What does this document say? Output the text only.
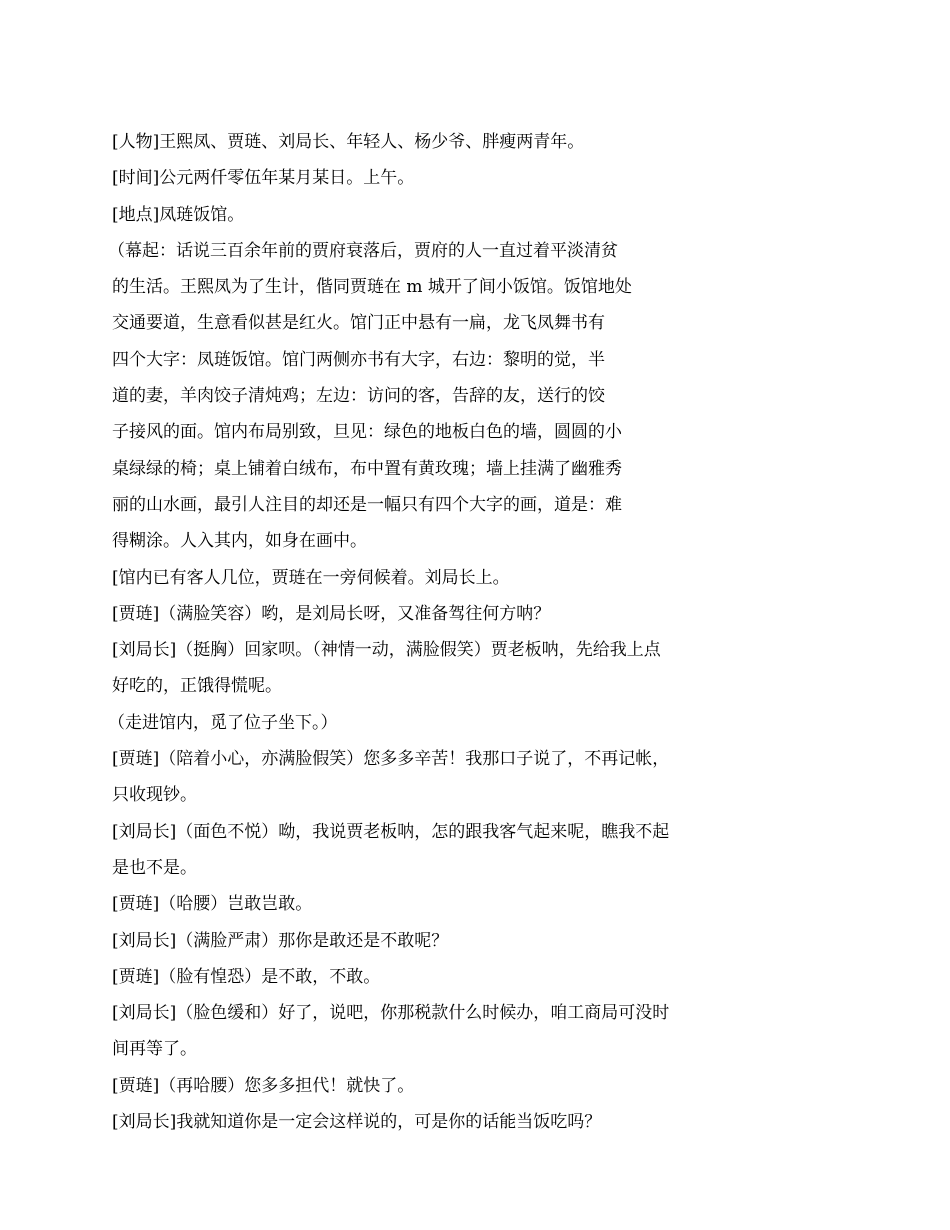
[人物]王熙凤、贾琏、刘局长、年轻人、杨少爷、胖瘦两青年。
[时间]公元两仟零伍年某月某日。上午。
[地点]凤琏饭馆。
（幕起：话说三百余年前的贾府衰落后，贾府的人一直过着平淡清贫
的生活。王熙凤为了生计，偕同贾琏在 m 城开了间小饭馆。饭馆地处
交通要道，生意看似甚是红火。馆门正中悬有一扁，龙飞凤舞书有
四个大字：凤琏饭馆。馆门两侧亦书有大字，右边：黎明的觉，半
道的妻，羊肉饺子清炖鸡；左边：访问的客，告辞的友，送行的饺
子接风的面。馆内布局别致，旦见：绿色的地板白色的墙，圆圆的小
桌绿绿的椅；桌上铺着白绒布，布中置有黄玫瑰；墙上挂满了幽雅秀
丽的山水画，最引人注目的却还是一幅只有四个大字的画，道是：难
得糊涂。人入其内，如身在画中。
[馆内已有客人几位，贾琏在一旁伺候着。刘局长上。
[贾琏]（满脸笑容）哟，是刘局长呀，又准备驾往何方呐？
[刘局长]（挺胸）回家呗。（神情一动，满脸假笑）贾老板呐，先给我上点
好吃的，正饿得慌呢。
（走进馆内，觅了位子坐下。）
[贾琏]（陪着小心，亦满脸假笑）您多多辛苦！我那口子说了，不再记帐，
只收现钞。
[刘局长]（面色不悦）呦，我说贾老板呐，怎的跟我客气起来呢，瞧我不起
是也不是。
[贾琏]（哈腰）岂敢岂敢。
[刘局长]（满脸严肃）那你是敢还是不敢呢？
[贾琏]（脸有惶恐）是不敢，不敢。
[刘局长]（脸色缓和）好了，说吧，你那税款什么时候办，咱工商局可没时
间再等了。
[贾琏]（再哈腰）您多多担代！就快了。
[刘局长]我就知道你是一定会这样说的，可是你的话能当饭吃吗？
